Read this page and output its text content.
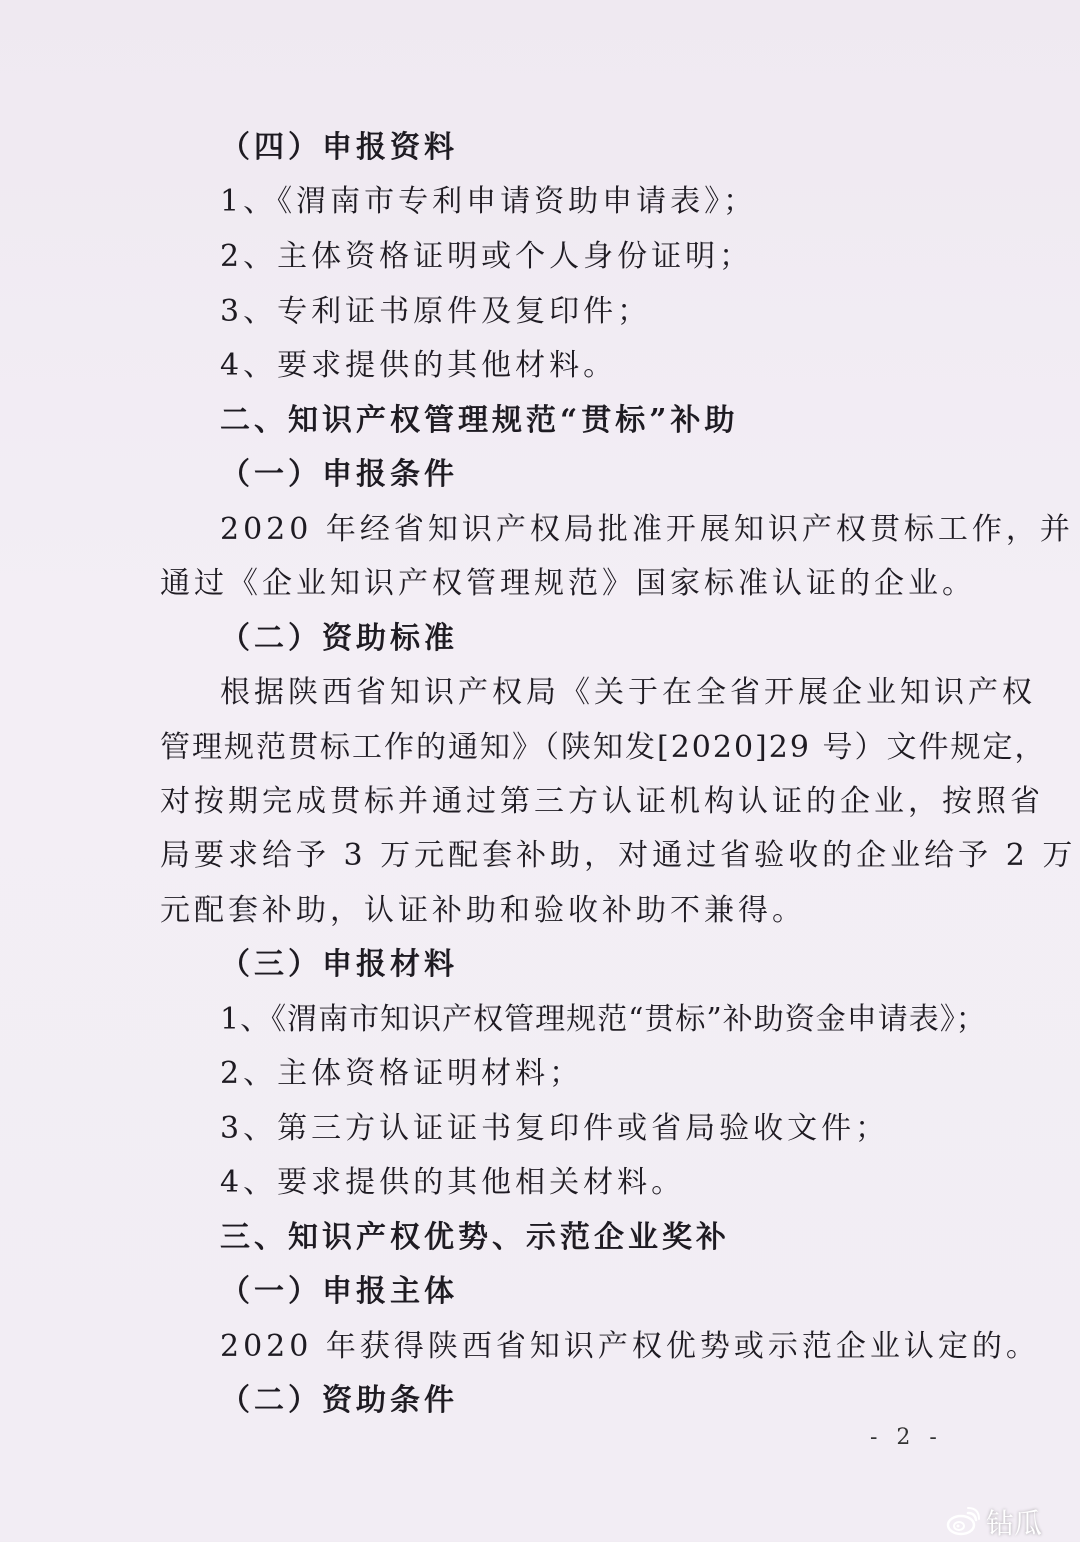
（四）申报资料
1、《渭南市专利申请资助申请表》；
2、主体资格证明或个人身份证明；
3、专利证书原件及复印件；
4、要求提供的其他材料。
二、知识产权管理规范“贯标”补助
（一）申报条件
2020 年经省知识产权局批准开展知识产权贯标工作，并
通过《企业知识产权管理规范》国家标准认证的企业。
（二）资助标准
根据陕西省知识产权局《关于在全省开展企业知识产权
管理规范贯标工作的通知》（陕知发[2020]29 号）文件规定，
对按期完成贯标并通过第三方认证机构认证的企业，按照省
局要求给予 3 万元配套补助，对通过省验收的企业给予 2 万
元配套补助，认证补助和验收补助不兼得。
（三）申报材料
1、《渭南市知识产权管理规范“贯标”补助资金申请表》；
2、主体资格证明材料；
3、第三方认证证书复印件或省局验收文件；
4、要求提供的其他相关材料。
三、知识产权优势、示范企业奖补
（一）申报主体
2020 年获得陕西省知识产权优势或示范企业认定的。
（二）资助条件
- 2 -
钻瓜
